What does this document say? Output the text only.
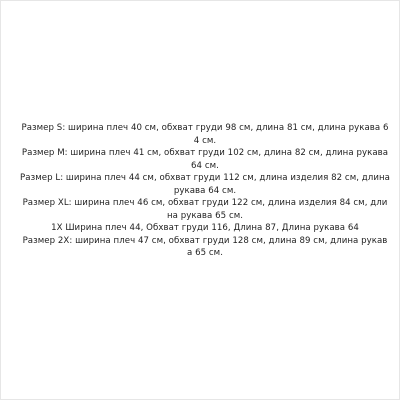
Размер S: ширина плеч 40 см, обхват груди 98 см, длина 81 см, длина рукава 64 см.

Размер M: ширина плеч 41 см, обхват груди 102 см, длина 82 см, длина рукава 64 см.

Размер L: ширина плеч 44 см, обхват груди 112 см, длина изделия 82 см, длина рукава 64 см.

Размер XL: ширина плеч 46 см, обхват груди 122 см, длина изделия 84 см, длина рукава 65 см.

1X Ширина плеч 44, Обхват груди 116, Длина 87, Длина рукава 64

Размер 2X: ширина плеч 47 см, обхват груди 128 см, длина 89 см, длина рукава 65 см.
